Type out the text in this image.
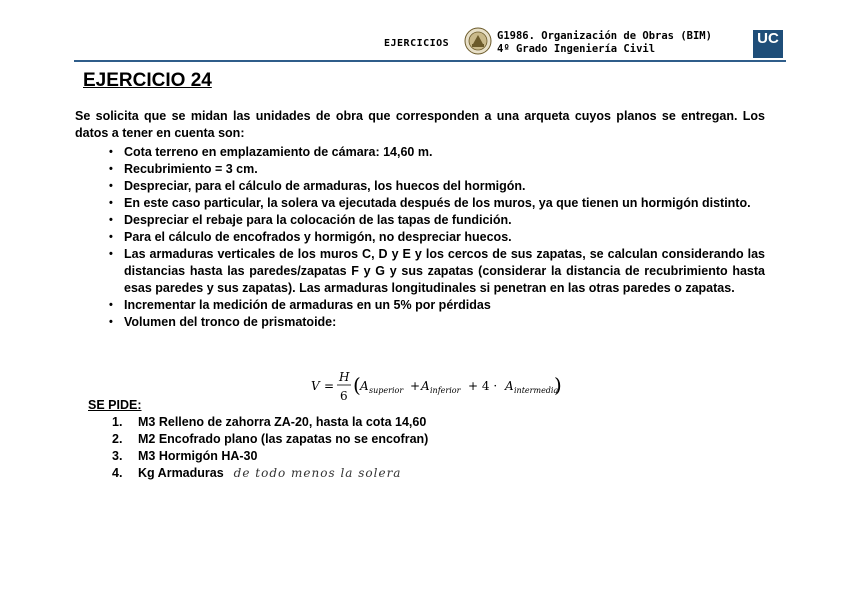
EJERCICIOS
G1986. Organización de Obras (BIM)
4º Grado Ingeniería Civil
UC
EJERCICIO 24
Se solicita que se midan las unidades de obra que corresponden a una arqueta cuyos planos se entregan. Los datos a tener en cuenta son:
• Cota terreno en emplazamiento de cámara: 14,60 m.
• Recubrimiento = 3 cm.
• Despreciar, para el cálculo de armaduras, los huecos del hormigón.
• En este caso particular, la solera va ejecutada después de los muros, ya que tienen un hormigón distinto.
• Despreciar el rebaje para la colocación de las tapas de fundición.
• Para el cálculo de encofrados y hormigón, no despreciar huecos.
• Las armaduras verticales de los muros C, D y E y los cercos de sus zapatas, se calculan considerando las distancias hasta las paredes/zapatas F y G y sus zapatas (considerar la distancia de recubrimiento hasta esas paredes y sus zapatas). Las armaduras longitudinales si penetran en las otras paredes o zapatas.
• Incrementar la medición de armaduras en un 5% por pérdidas
• Volumen del tronco de prismatoide:
V =
H
6 ( A superior + A inferior + 4 · A intermedia
)
SE PIDE:
1.	M3 Relleno de zahorra ZA-20, hasta la cota 14,60
2.	M2 Encofrado plano (las zapatas no se encofran)
3.	M3 Hormigón HA-30
4.	Kg Armaduras de todo menos la solera
